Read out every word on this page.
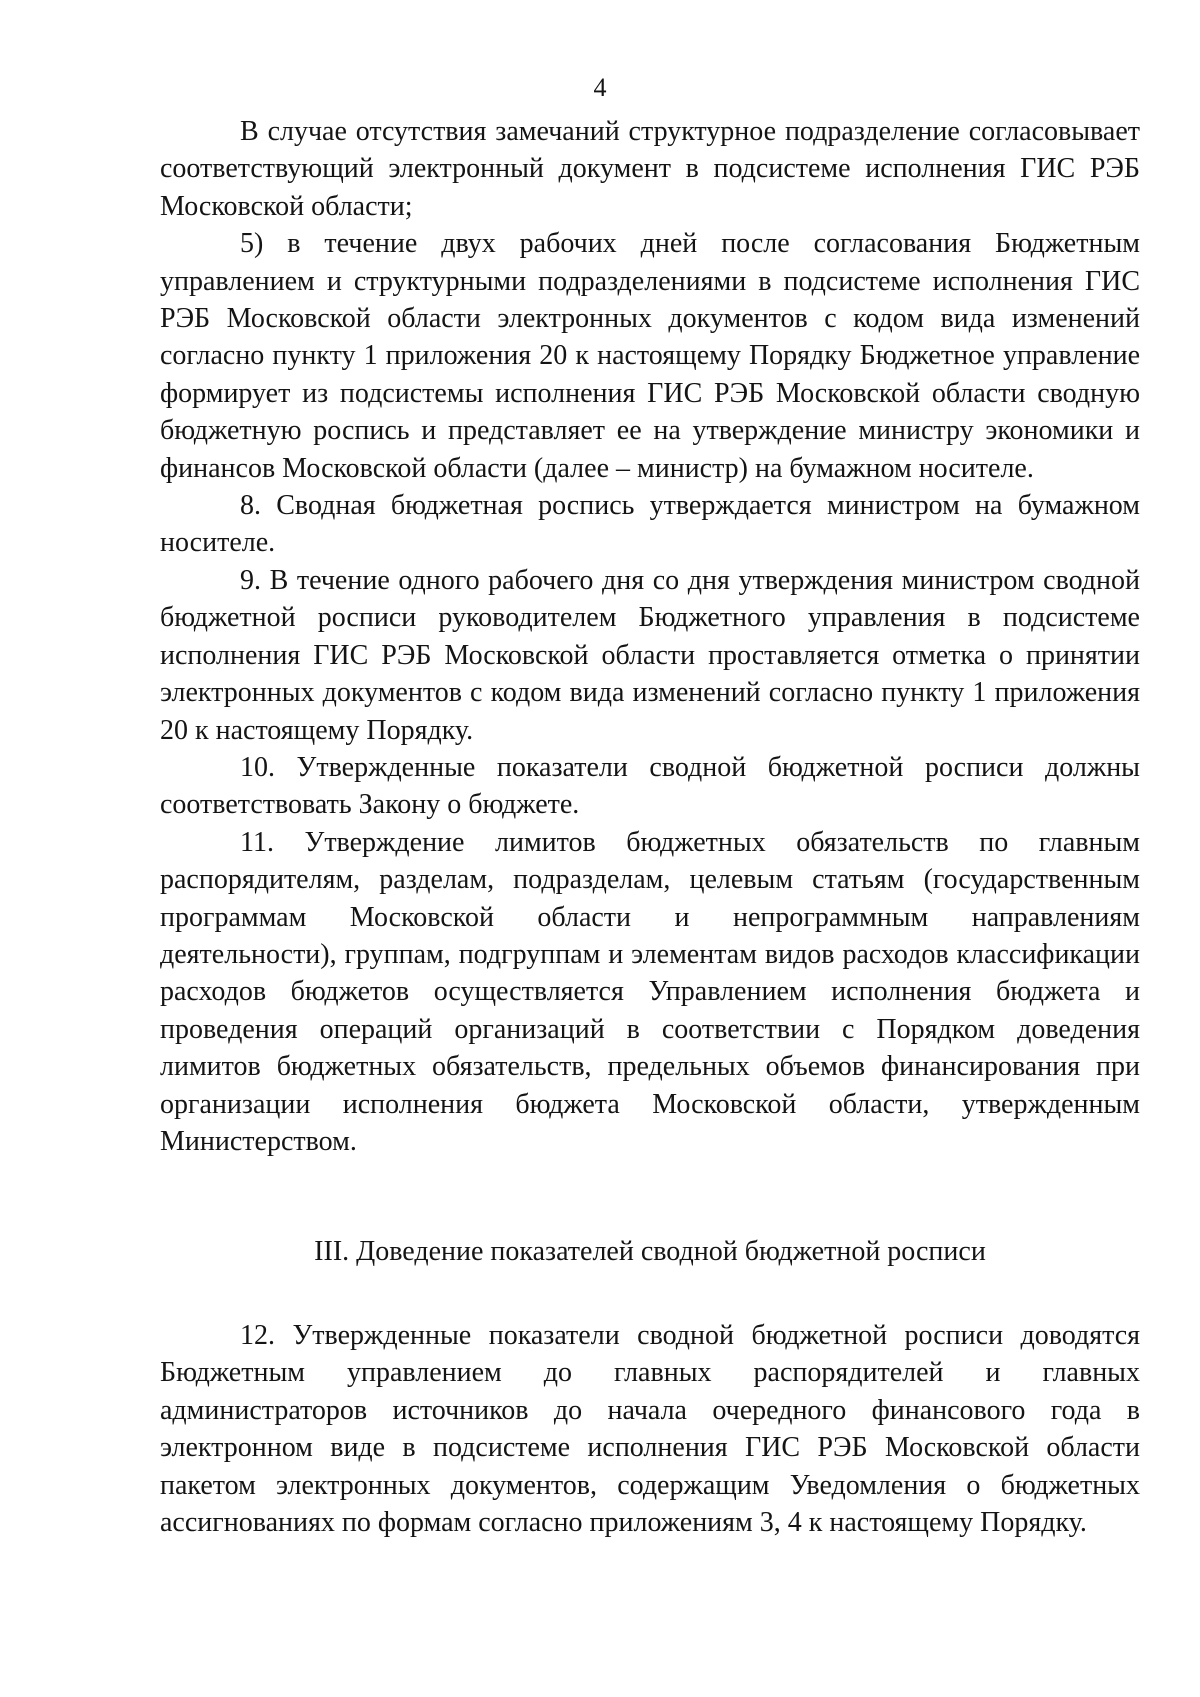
4

В случае отсутствия замечаний структурное подразделение согласовывает соответствующий электронный документ в подсистеме исполнения ГИС РЭБ Московской области;

5) в течение двух рабочих дней после согласования Бюджетным управлением и структурными подразделениями в подсистеме исполнения ГИС РЭБ Московской области электронных документов с кодом вида изменений согласно пункту 1 приложения 20 к настоящему Порядку Бюджетное управление формирует из подсистемы исполнения ГИС РЭБ Московской области сводную бюджетную роспись и представляет ее на утверждение министру экономики и финансов Московской области (далее – министр) на бумажном носителе.

8. Сводная бюджетная роспись утверждается министром на бумажном носителе.

9. В течение одного рабочего дня со дня утверждения министром сводной бюджетной росписи руководителем Бюджетного управления в подсистеме исполнения ГИС РЭБ Московской области проставляется отметка о принятии электронных документов с кодом вида изменений согласно пункту 1 приложения 20 к настоящему Порядку.

10. Утвержденные показатели сводной бюджетной росписи должны соответствовать Закону о бюджете.

11. Утверждение лимитов бюджетных обязательств по главным распорядителям, разделам, подразделам, целевым статьям (государственным программам Московской области и непрограммным направлениям деятельности), группам, подгруппам и элементам видов расходов классификации расходов бюджетов осуществляется Управлением исполнения бюджета и проведения операций организаций в соответствии с Порядком доведения лимитов бюджетных обязательств, предельных объемов финансирования при организации исполнения бюджета Московской области, утвержденным Министерством.

III. Доведение показателей сводной бюджетной росписи

12. Утвержденные показатели сводной бюджетной росписи доводятся Бюджетным управлением до главных распорядителей и главных администраторов источников до начала очередного финансового года в электронном виде в подсистеме исполнения ГИС РЭБ Московской области пакетом электронных документов, содержащим Уведомления о бюджетных ассигнованиях по формам согласно приложениям 3, 4 к настоящему Порядку.
